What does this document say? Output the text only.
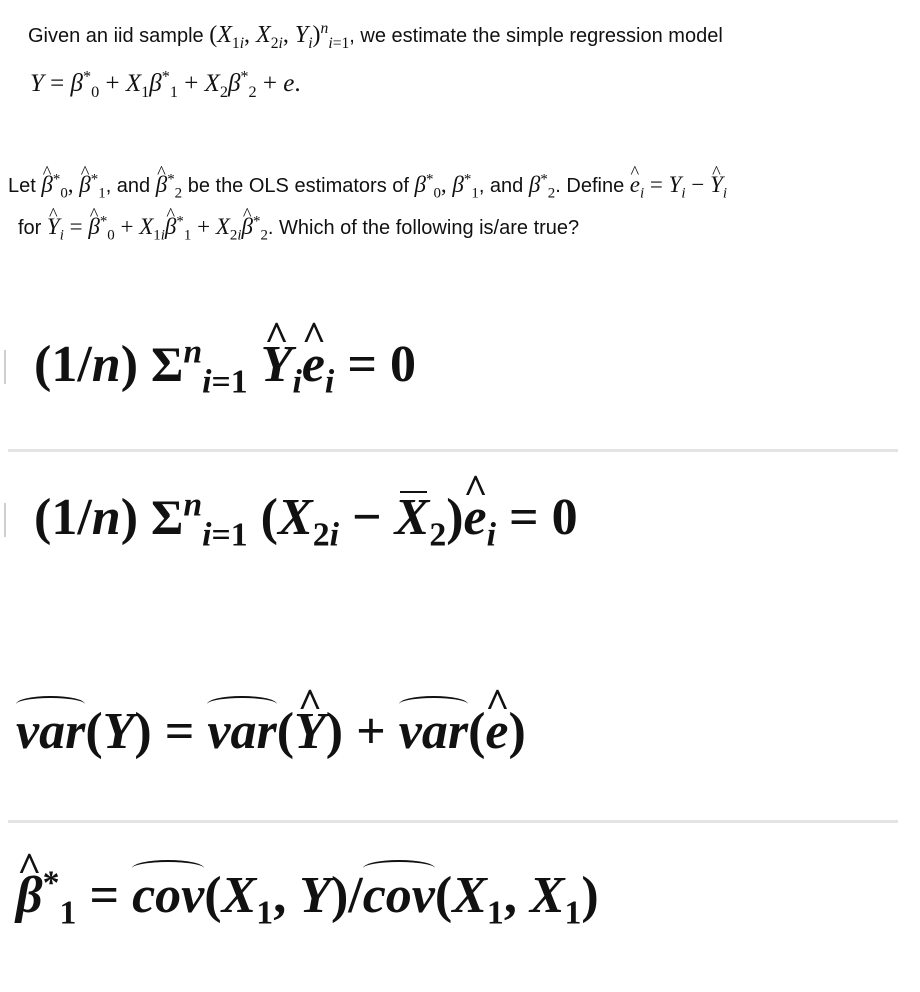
Given an iid sample ($X_{1i}$, $X_{2i}$, $Y_i)^n_{i=1}$, we estimate the simple regression model
$Y = \beta^*_0 + X_1\beta^*_1 + X_2\beta^*_2 + e$.
Let ^ $\beta^*_0$, ^ $\beta^*_1$, and ^ $\beta^*_2$ be the OLS estimators of $\beta^*_0$, $\beta^*_1$, and $\beta^*_2$. Define ^ $e_i = Y_i$ − ^ $Y_i$
for ^ $Y_i$ = ^ $\beta^*_0$ + $X_{1i}\^{}$ $\beta^*_1$ + $X_{2i}\^{}$ $\beta^*_2$. Which of the following is/are true?
(1/n) $\Sigma^n_{i=1}$ ^ $Y_i\^{}$ $e_i = 0$
(1/n) $\Sigma^n_{i=1}$ ($X_{2i}$ − $X_2)\^{}$ $e_i = 0$
var(Y) = var(^ Y) + var(^ e)
^ $\beta^*_1 = cov(X_1$, $Y)/cov(X_1$, $X_1$)
